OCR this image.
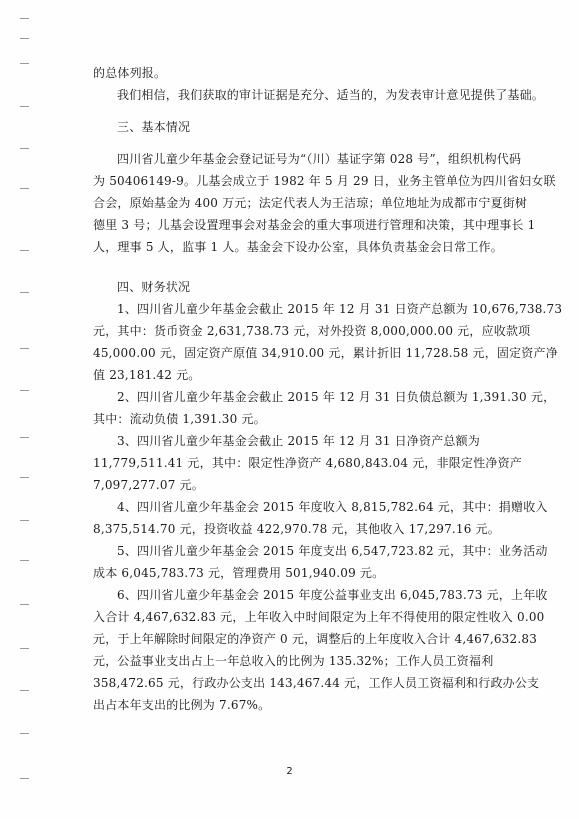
的总体列报。
我们相信，我们获取的审计证据是充分、适当的，为发表审计意见提供了基础。
三、基本情况
四川省儿童少年基金会登记证号为“（川）基证字第 028 号”，组织机构代码
为 50406149-9。儿基会成立于 1982 年 5 月 29 日，业务主管单位为四川省妇女联
合会，原始基金为 400 万元；法定代表人为王洁琼；单位地址为成都市宁夏街树
德里 3 号；儿基会设置理事会对基金会的重大事项进行管理和决策，其中理事长 1
人，理事 5 人，监事 1 人。基金会下设办公室，具体负责基金会日常工作。
四、财务状况
1、四川省儿童少年基金会截止 2015 年 12 月 31 日资产总额为 10,676,738.73
元，其中：货币资金 2,631,738.73 元，对外投资 8,000,000.00 元，应收款项
45,000.00 元，固定资产原值 34,910.00 元，累计折旧 11,728.58 元，固定资产净
值 23,181.42 元。
2、四川省儿童少年基金会截止 2015 年 12 月 31 日负债总额为 1,391.30 元，
其中：流动负债 1,391.30 元。
3、四川省儿童少年基金会截止 2015 年 12 月 31 日净资产总额为
11,779,511.41 元，其中：限定性净资产 4,680,843.04 元，非限定性净资产
7,097,277.07 元。
4、四川省儿童少年基金会 2015 年度收入 8,815,782.64 元，其中：捐赠收入
8,375,514.70 元，投资收益 422,970.78 元，其他收入 17,297.16 元。
5、四川省儿童少年基金会 2015 年度支出 6,547,723.82 元，其中：业务活动
成本 6,045,783.73 元，管理费用 501,940.09 元。
6、四川省儿童少年基金会 2015 年度公益事业支出 6,045,783.73 元，上年收
入合计 4,467,632.83 元，上年收入中时间限定为上年不得使用的限定性收入 0.00
元，于上年解除时间限定的净资产 0 元，调整后的上年度收入合计 4,467,632.83
元，公益事业支出占上一年总收入的比例为 135.32%；工作人员工资福利
358,472.65 元，行政办公支出 143,467.44 元，工作人员工资福利和行政办公支
出占本年支出的比例为 7.67%。
2
